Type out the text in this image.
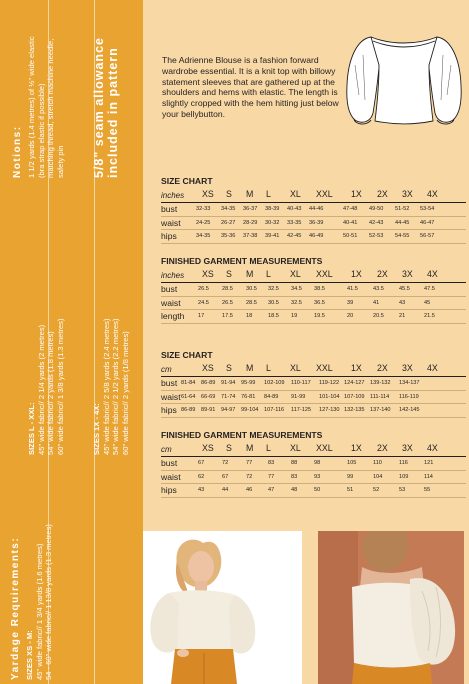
Notions: 1 1/2 yards (1.4 metres) of ½" wide elastic (bra strap elastic if possible) matching thread, stretch machine needle, safety pin 5/8" seam allowance included in pattern
SIZES L - XXL: 45" wide fabric// 2 1/4 yards (2 metres) 54" wide fabric// 2 yards (1.8 metres) 60" wide fabric// 1 3/8 yards (1.3 metres)	SIZES 1X - 4X: 45" wide fabric// 2 5/8 yards (2.4 metres) 54" wide fabric// 2 1/2 yards (2.2 metres) 60" wide fabric// 2 yards (1/8 metres)
Yardage Requirements: SIZES XS - M: 45" wide fabric// 1 3/4 yards (1.6 metres) 54 - 60" wide fabric// 1 13/8 yards (1.3 metres)
The Adrienne Blouse is a fashion forward wardrobe essential. It is a knit top with billowy statement sleeves that are gathered up at the shoulders and hems with elastic. The length is slightly cropped with the hem hitting just below your bellybutton.
SIZE CHART
inches XS S M L XL XXL 1X 2X 3X 4X
bust	32-33 34-35 36-37 38-39 40-43 44-46	47-48 49-50 51-52 53-54
waist	24-25 26-27 28-29 30-32 33-35 36-39	40-41 42-43 44-45 46-47
hips	34-35 35-36 37-38 39-41 42-45 46-49	50-51 52-53 54-55 56-57
FINISHED GARMENT MEASUREMENTS
inches XS S M L XL XXL 1X 2X 3X 4X
bust	26.5 28.5 30.5 32.5 34.5 38.5	41.5	43.5	45.5	47.5
waist	24.5 26.5 28.5 30.5 32.5 36.5	39	41	43	45
length 17	17.5 18	18.5 19	19.5	20	20.5	21	21.5
SIZE CHART
cm	XS S M L XL XXL 1X 2X 3X 4X
bust 81-84 86-89 91-94 95-99 102-109 110-117 119-122 124-127 139-132 134-137
waist 61-64 66-69 71-74 76-81 84-89 91-99 101-104 107-109 111-114 116-119
hips 86-89 89-91 94-97 99-104 107-116 117-125 127-130 132-135 137-140 142-145
FINISHED GARMENT MEASUREMENTS
cm	XS S M L XL XXL 1X 2X 3X 4X
bust	67	72	77	83	88	98	105	110	116	121
waist	62	67	72	77	83	93	99	104	109	114
hips	43	44	46	47	48	50	51	52	53	55
